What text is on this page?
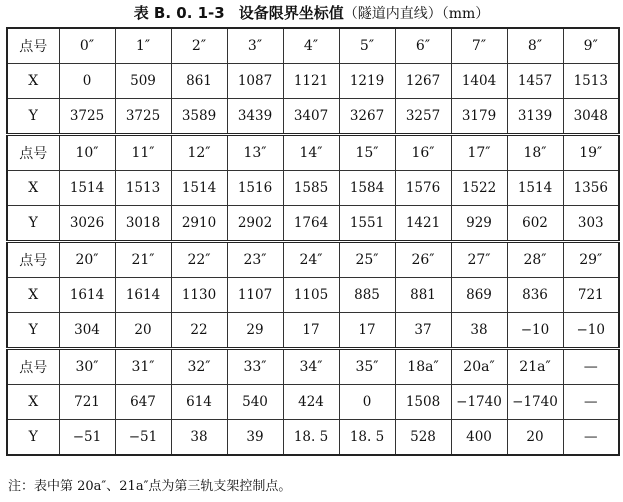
表 B. 0. 1-3 设备限界坐标值（隧道内直线）（mm）
点号	0″	1″	2″	3″	4″	5″	6″	7″	8″	9″
X	0	509	861	1087	1121	1219	1267	1404	1457	1513
Y	3725	3725	3589	3439	3407	3267	3257	3179	3139	3048
点号	10″	11″	12″	13″	14″	15″	16″	17″	18″	19″
X	1514	1513	1514	1516	1585	1584	1576	1522	1514	1356
Y	3026	3018	2910	2902	1764	1551	1421	929	602	303
点号	20″	21″	22″	23″	24″	25″	26″	27″	28″	29″
X	1614	1614	1130	1107	1105	885	881	869	836	721
Y	304	20	22	29	17	17	37	38	−10	−10
点号	30″	31″	32″	33″	34″	35″	18a″	20a″	21a″	—
X	721	647	614	540	424	0	1508	−1740	−1740	—
Y	−51	−51	38	39	18. 5	18. 5	528	400	20	—
注：表中第 20a″、21a″点为第三轨支架控制点。
